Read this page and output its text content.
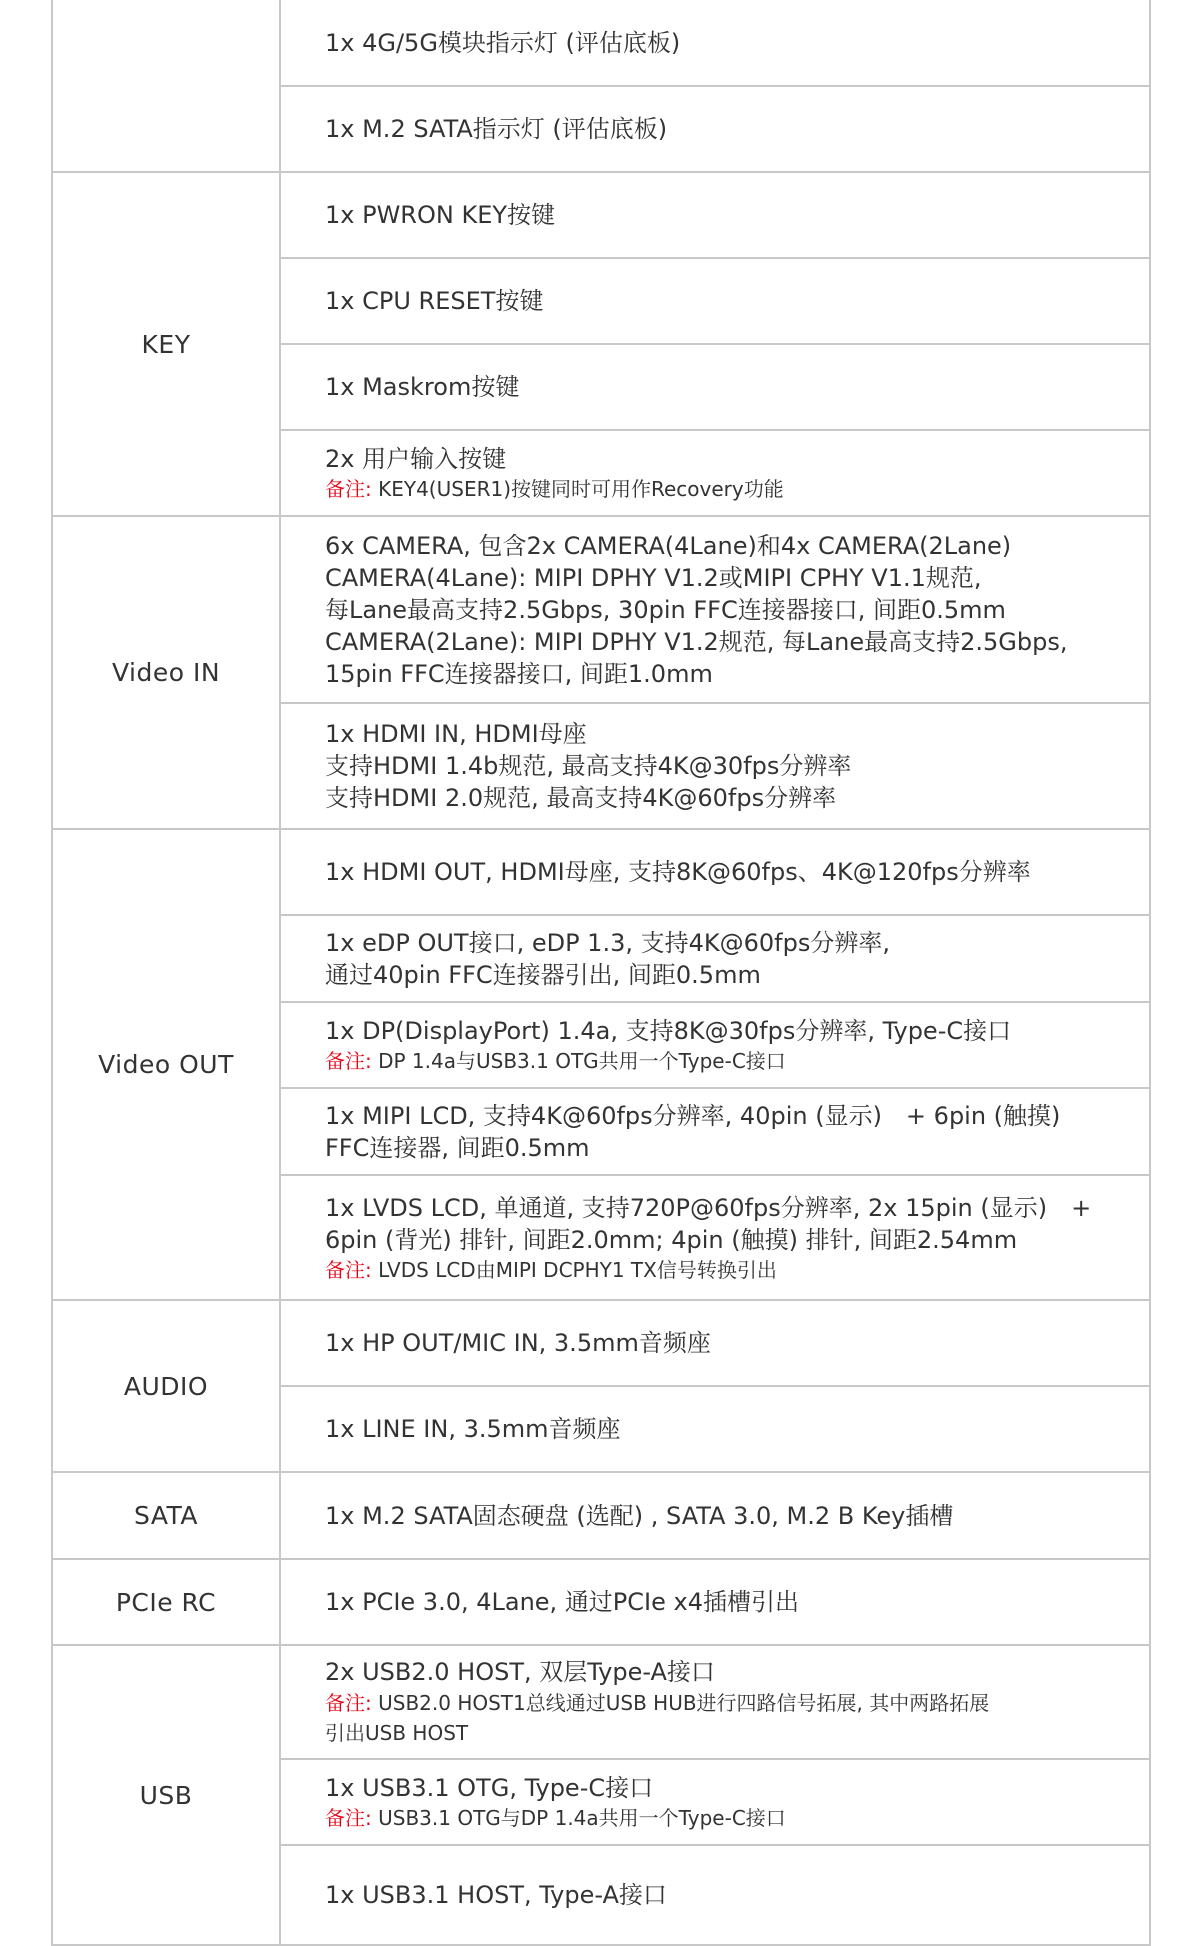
	1x 4G/5G模块指示灯 (评估底板)

	1x M.2 SATA指示灯 (评估底板)

KEY	1x PWRON KEY按键

	1x CPU RESET按键

	1x Maskrom按键

	2x 用户输入按键
备注: KEY4(USER1)按键同时可用作Recovery功能

Video IN	6x CAMERA, 包含2x CAMERA(4Lane)和4x CAMERA(2Lane)
CAMERA(4Lane): MIPI DPHY V1.2或MIPI CPHY V1.1规范,
每Lane最高支持2.5Gbps, 30pin FFC连接器接口, 间距0.5mm
CAMERA(2Lane): MIPI DPHY V1.2规范, 每Lane最高支持2.5Gbps,
15pin FFC连接器接口, 间距1.0mm

	1x HDMI IN, HDMI母座
支持HDMI 1.4b规范, 最高支持4K@30fps分辨率
支持HDMI 2.0规范, 最高支持4K@60fps分辨率

Video OUT	1x HDMI OUT, HDMI母座, 支持8K@60fps、4K@120fps分辨率

	1x eDP OUT接口, eDP 1.3, 支持4K@60fps分辨率,
通过40pin FFC连接器引出, 间距0.5mm

	1x DP(DisplayPort) 1.4a, 支持8K@30fps分辨率, Type-C接口
备注: DP 1.4a与USB3.1 OTG共用一个Type-C接口

	1x MIPI LCD, 支持4K@60fps分辨率, 40pin (显示)　+ 6pin (触摸)
FFC连接器, 间距0.5mm

	1x LVDS LCD, 单通道, 支持720P@60fps分辨率, 2x 15pin (显示)　+
6pin (背光) 排针, 间距2.0mm; 4pin (触摸) 排针, 间距2.54mm
备注: LVDS LCD由MIPI DCPHY1 TX信号转换引出

AUDIO	1x HP OUT/MIC IN, 3.5mm音频座

	1x LINE IN, 3.5mm音频座

SATA	1x M.2 SATA固态硬盘 (选配) , SATA 3.0, M.2 B Key插槽

PCIe RC	1x PCIe 3.0, 4Lane, 通过PCIe x4插槽引出

USB	2x USB2.0 HOST, 双层Type-A接口
备注: USB2.0 HOST1总线通过USB HUB进行四路信号拓展, 其中两路拓展
引出USB HOST

	1x USB3.1 OTG, Type-C接口
备注: USB3.1 OTG与DP 1.4a共用一个Type-C接口

	1x USB3.1 HOST, Type-A接口
